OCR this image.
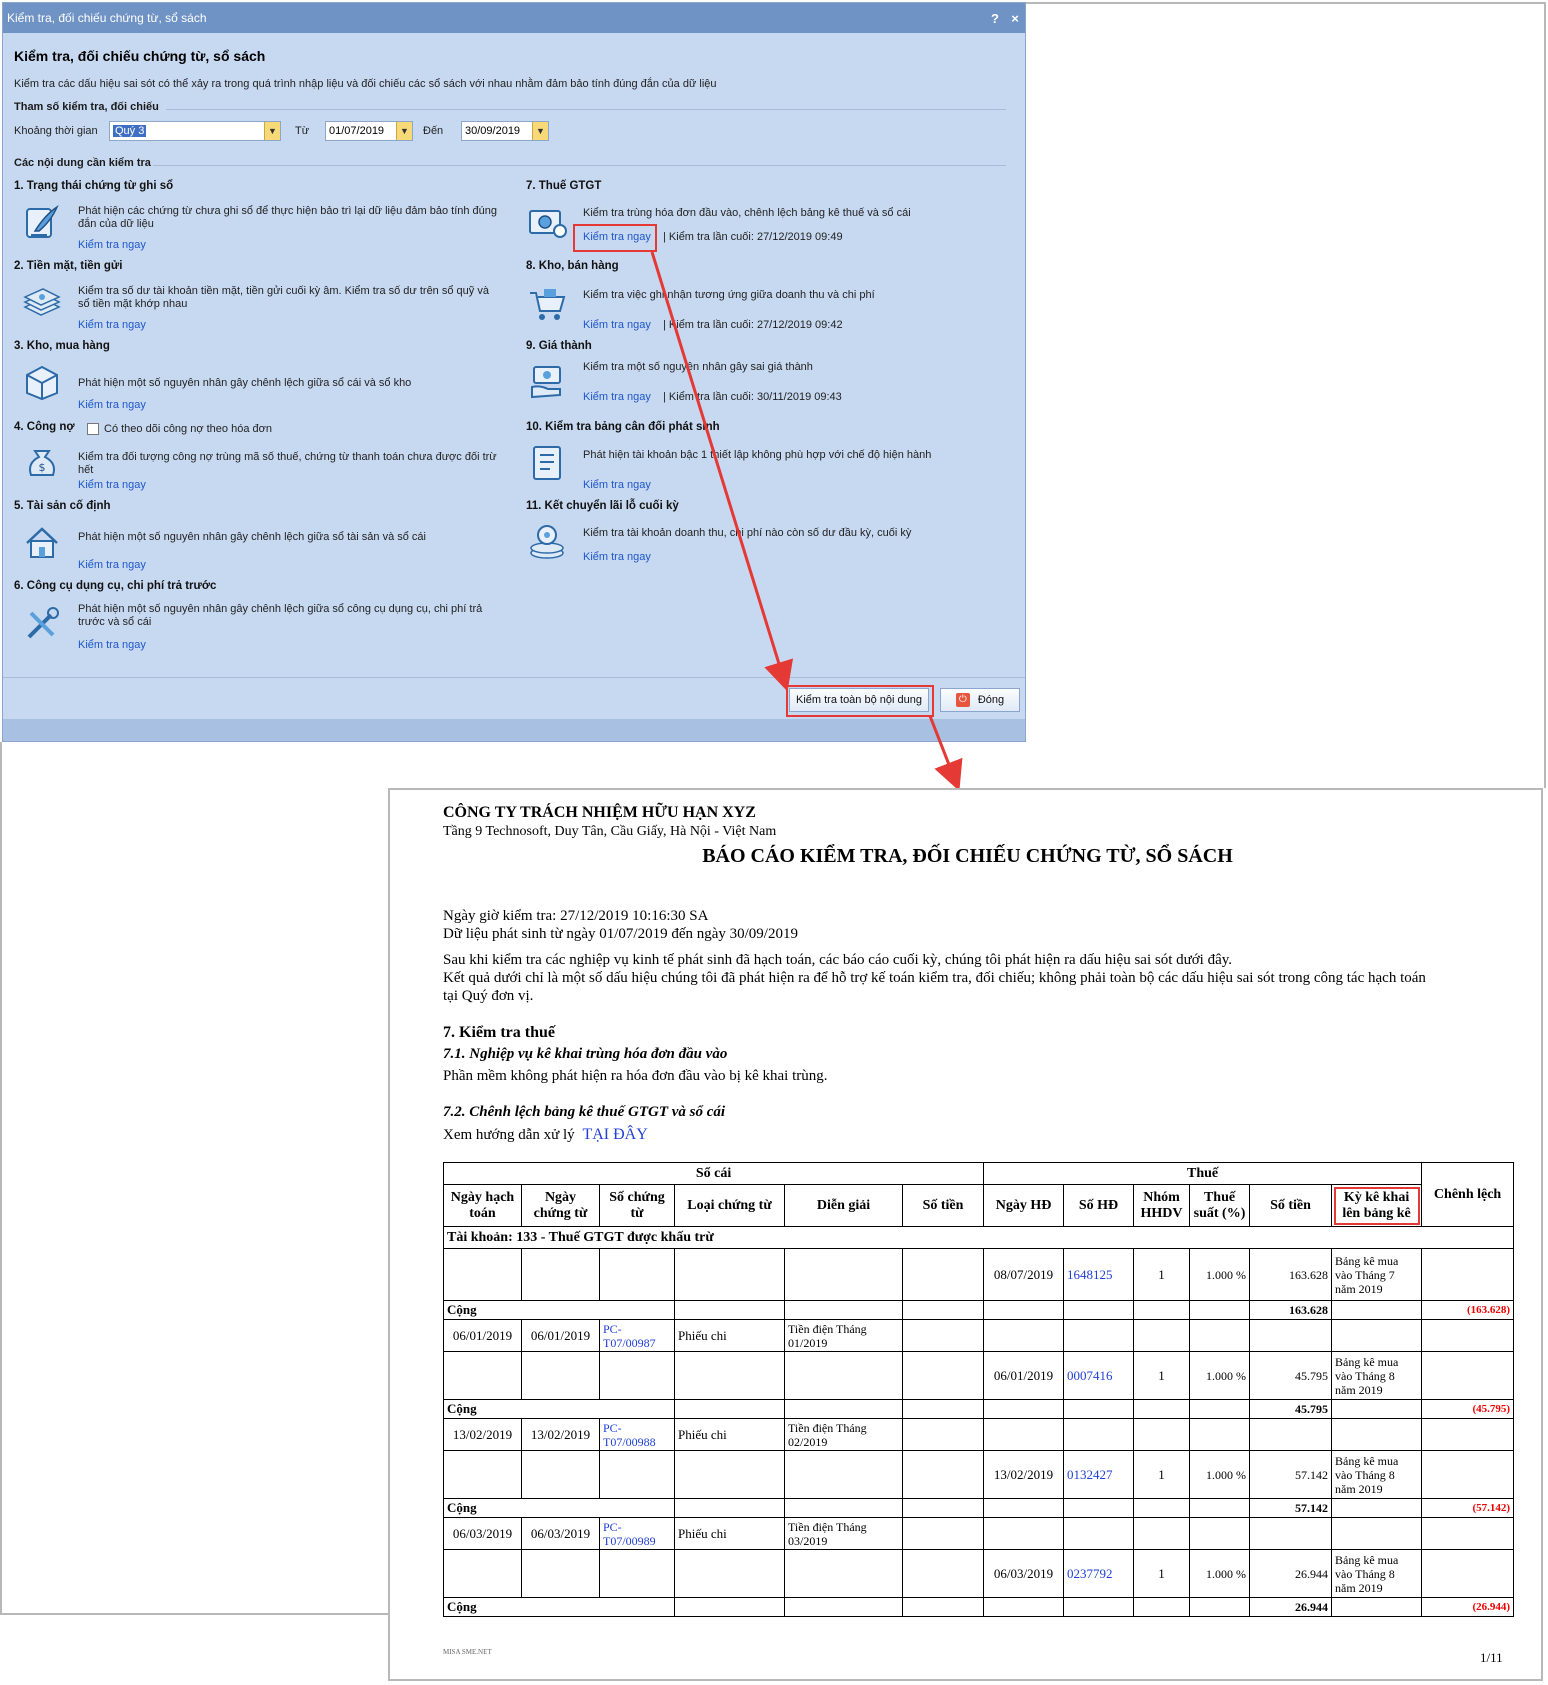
Kiểm tra, đối chiếu chứng từ, sổ sách	? ×
Kiểm tra, đối chiếu chứng từ, sổ sách
Kiểm tra các dấu hiệu sai sót có thể xảy ra trong quá trình nhập liệu và đối chiếu các sổ sách với nhau nhằm đảm bảo tính đúng đắn của dữ liệu
Tham số kiểm tra, đối chiếu
Khoảng thời gian	Quý 3	▼ Từ 01/07/2019	▼ Đến 30/09/2019	▼
Các nội dung cần kiểm tra
1. Trạng thái chứng từ ghi sổ
Phát hiện các chứng từ chưa ghi sổ để thực hiện bảo trì lại dữ liệu đảm bảo tính đúng đắn của dữ liệu
Kiểm tra ngay
2. Tiền mặt, tiền gửi
Kiểm tra số dư tài khoản tiền mặt, tiền gửi cuối kỳ âm. Kiểm tra số dư trên sổ quỹ và sổ tiền mặt khớp nhau
Kiểm tra ngay
3. Kho, mua hàng
Phát hiện một số nguyên nhân gây chênh lệch giữa sổ cái và sổ kho
Kiểm tra ngay
4. Công nợ	Có theo dõi công nợ theo hóa đơn
$
Kiểm tra đối tượng công nợ trùng mã số thuế, chứng từ thanh toán chưa được đối trừ hết
Kiểm tra ngay
5. Tài sản cố định
Phát hiện một số nguyên nhân gây chênh lệch giữa sổ tài sản và sổ cái
Kiểm tra ngay
6. Công cụ dụng cụ, chi phí trả trước
Phát hiện một số nguyên nhân gây chênh lệch giữa sổ công cụ dụng cụ, chi phí trả trước và sổ cái
Kiểm tra ngay
7. Thuế GTGT
Kiểm tra trùng hóa đơn đầu vào, chênh lệch bảng kê thuế và sổ cái
Kiểm tra ngay | Kiểm tra lần cuối: 27/12/2019 09:49
8. Kho, bán hàng
Kiểm tra việc ghi nhận tương ứng giữa doanh thu và chi phí
Kiểm tra ngay | Kiểm tra lần cuối: 27/12/2019 09:42
9. Giá thành
Kiểm tra một số nguyên nhân gây sai giá thành
Kiểm tra ngay | Kiểm tra lần cuối: 30/11/2019 09:43
10. Kiểm tra bảng cân đối phát sinh
Phát hiện tài khoản bậc 1 thiết lập không phù hợp với chế độ hiện hành
Kiểm tra ngay
11. Kết chuyển lãi lỗ cuối kỳ
Kiểm tra tài khoản doanh thu, chi phí nào còn số dư đầu kỳ, cuối kỳ
Kiểm tra ngay
Kiểm tra toàn bộ nội dung	⏻ Đóng
CÔNG TY TRÁCH NHIỆM HỮU HẠN XYZ
Tầng 9 Technosoft, Duy Tân, Cầu Giấy, Hà Nội - Việt Nam
BÁO CÁO KIỂM TRA, ĐỐI CHIẾU CHỨNG TỪ, SỔ SÁCH
Ngày giờ kiểm tra: 27/12/2019 10:16:30 SA
Dữ liệu phát sinh từ ngày 01/07/2019 đến ngày 30/09/2019
Sau khi kiểm tra các nghiệp vụ kinh tế phát sinh đã hạch toán, các báo cáo cuối kỳ, chúng tôi phát hiện ra dấu hiệu sai sót dưới đây.
Kết quả dưới chỉ là một số dấu hiệu chúng tôi đã phát hiện ra để hỗ trợ kế toán kiểm tra, đối chiếu; không phải toàn bộ các dấu hiệu sai sót trong công tác hạch toán
tại Quý đơn vị.
7. Kiểm tra thuế
7.1. Nghiệp vụ kê khai trùng hóa đơn đầu vào
Phần mềm không phát hiện ra hóa đơn đầu vào bị kê khai trùng.
7.2. Chênh lệch bảng kê thuế GTGT và sổ cái
Xem hướng dẫn xử lý TẠI ĐÂY
Sổ cái						Thuế						Chênh lệch
Ngày hạch toán	Ngày chứng từ	Số chứng từ	Loại chứng từ	Diễn giải	Số tiền	Ngày HĐ	Số HĐ	Nhóm HHDV	Thuế suất (%)	Số tiền	Kỳ kê khai lên bảng kê	
Tài khoản: 133 - Thuế GTGT được khấu trừ												
						08/07/2019	1648125	1	1.000 %	163.628	Bảng kê mua vào Tháng 7 năm 2019	
Cộng										163.628		(163.628)
06/01/2019	06/01/2019	PC-T07/00987	Phiếu chi	Tiền điện Tháng 01/2019								
						06/01/2019	0007416	1	1.000 %	45.795	Bảng kê mua vào Tháng 8 năm 2019	
Cộng										45.795		(45.795)
13/02/2019	13/02/2019	PC-T07/00988	Phiếu chi	Tiền điện Tháng 02/2019								
						13/02/2019	0132427	1	1.000 %	57.142	Bảng kê mua vào Tháng 8 năm 2019	
Cộng										57.142		(57.142)
06/03/2019	06/03/2019	PC-T07/00989	Phiếu chi	Tiền điện Tháng 03/2019								
						06/03/2019	0237792	1	1.000 %	26.944	Bảng kê mua vào Tháng 8 năm 2019	
Cộng										26.944		(26.944)
MISA SME.NET	1/11
